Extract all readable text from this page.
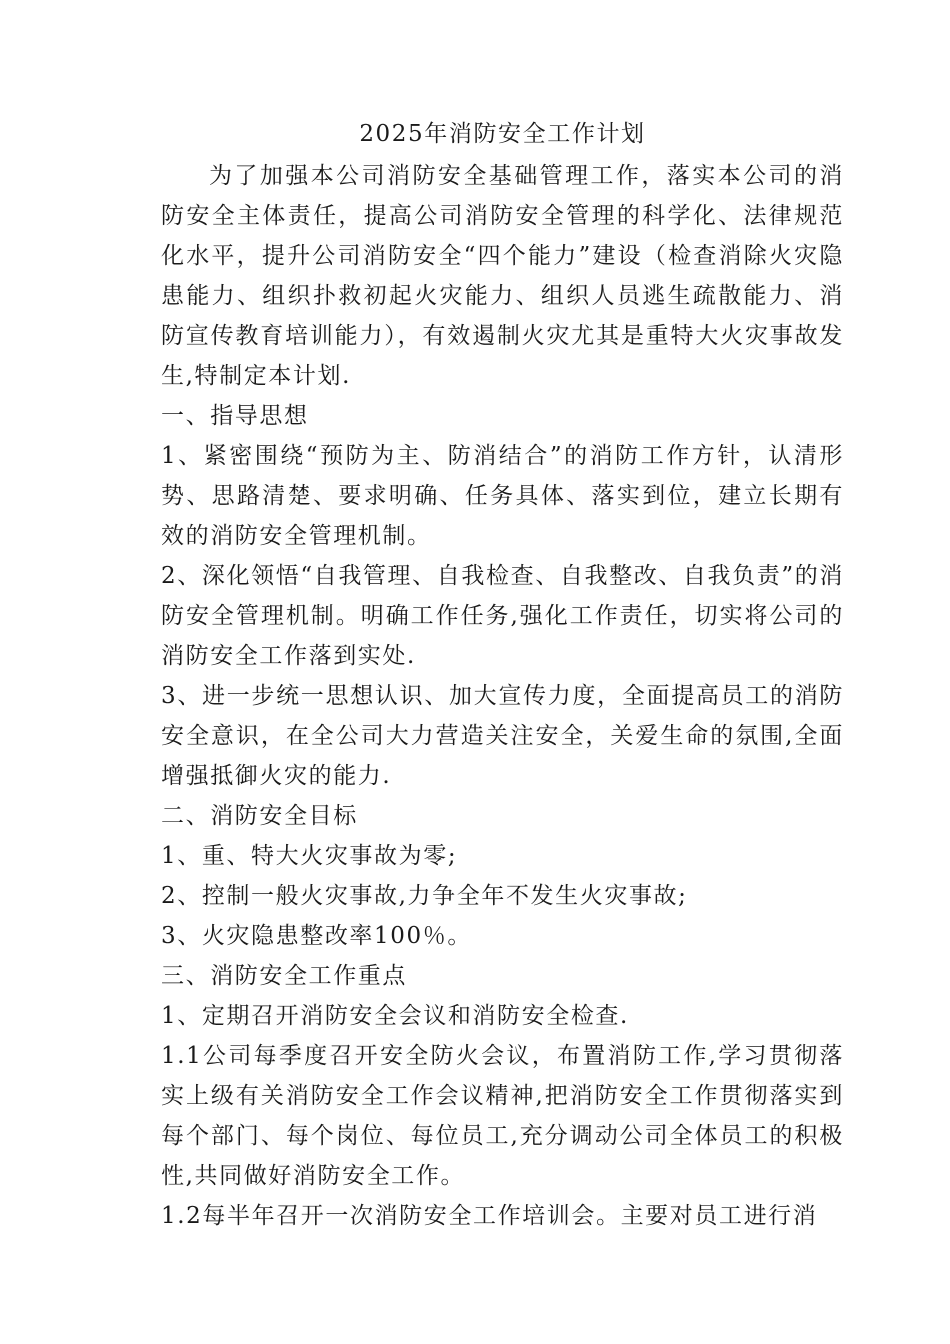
2025年消防安全工作计划

为了加强本公司消防安全基础管理工作，落实本公司的消防安全主体责任，提高公司消防安全管理的科学化、法律规范化水平，提升公司消防安全“四个能力”建设（检查消除火灾隐患能力、组织扑救初起火灾能力、组织人员逃生疏散能力、消防宣传教育培训能力），有效遏制火灾尤其是重特大火灾事故发生,特制定本计划.

一、指导思想

1、紧密围绕“预防为主、防消结合”的消防工作方针，认清形势、思路清楚、要求明确、任务具体、落实到位，建立长期有效的消防安全管理机制。

2、深化领悟“自我管理、自我检查、自我整改、自我负责”的消防安全管理机制。明确工作任务,强化工作责任，切实将公司的消防安全工作落到实处.

3、进一步统一思想认识、加大宣传力度，全面提高员工的消防安全意识，在全公司大力营造关注安全，关爱生命的氛围,全面增强抵御火灾的能力.

二、消防安全目标

1、重、特大火灾事故为零;

2、控制一般火灾事故,力争全年不发生火灾事故;

3、火灾隐患整改率100％。

三、消防安全工作重点

1、定期召开消防安全会议和消防安全检查.

1.1公司每季度召开安全防火会议，布置消防工作,学习贯彻落实上级有关消防安全工作会议精神,把消防安全工作贯彻落实到每个部门、每个岗位、每位员工,充分调动公司全体员工的积极性,共同做好消防安全工作。

1.2每半年召开一次消防安全工作培训会。主要对员工进行消
